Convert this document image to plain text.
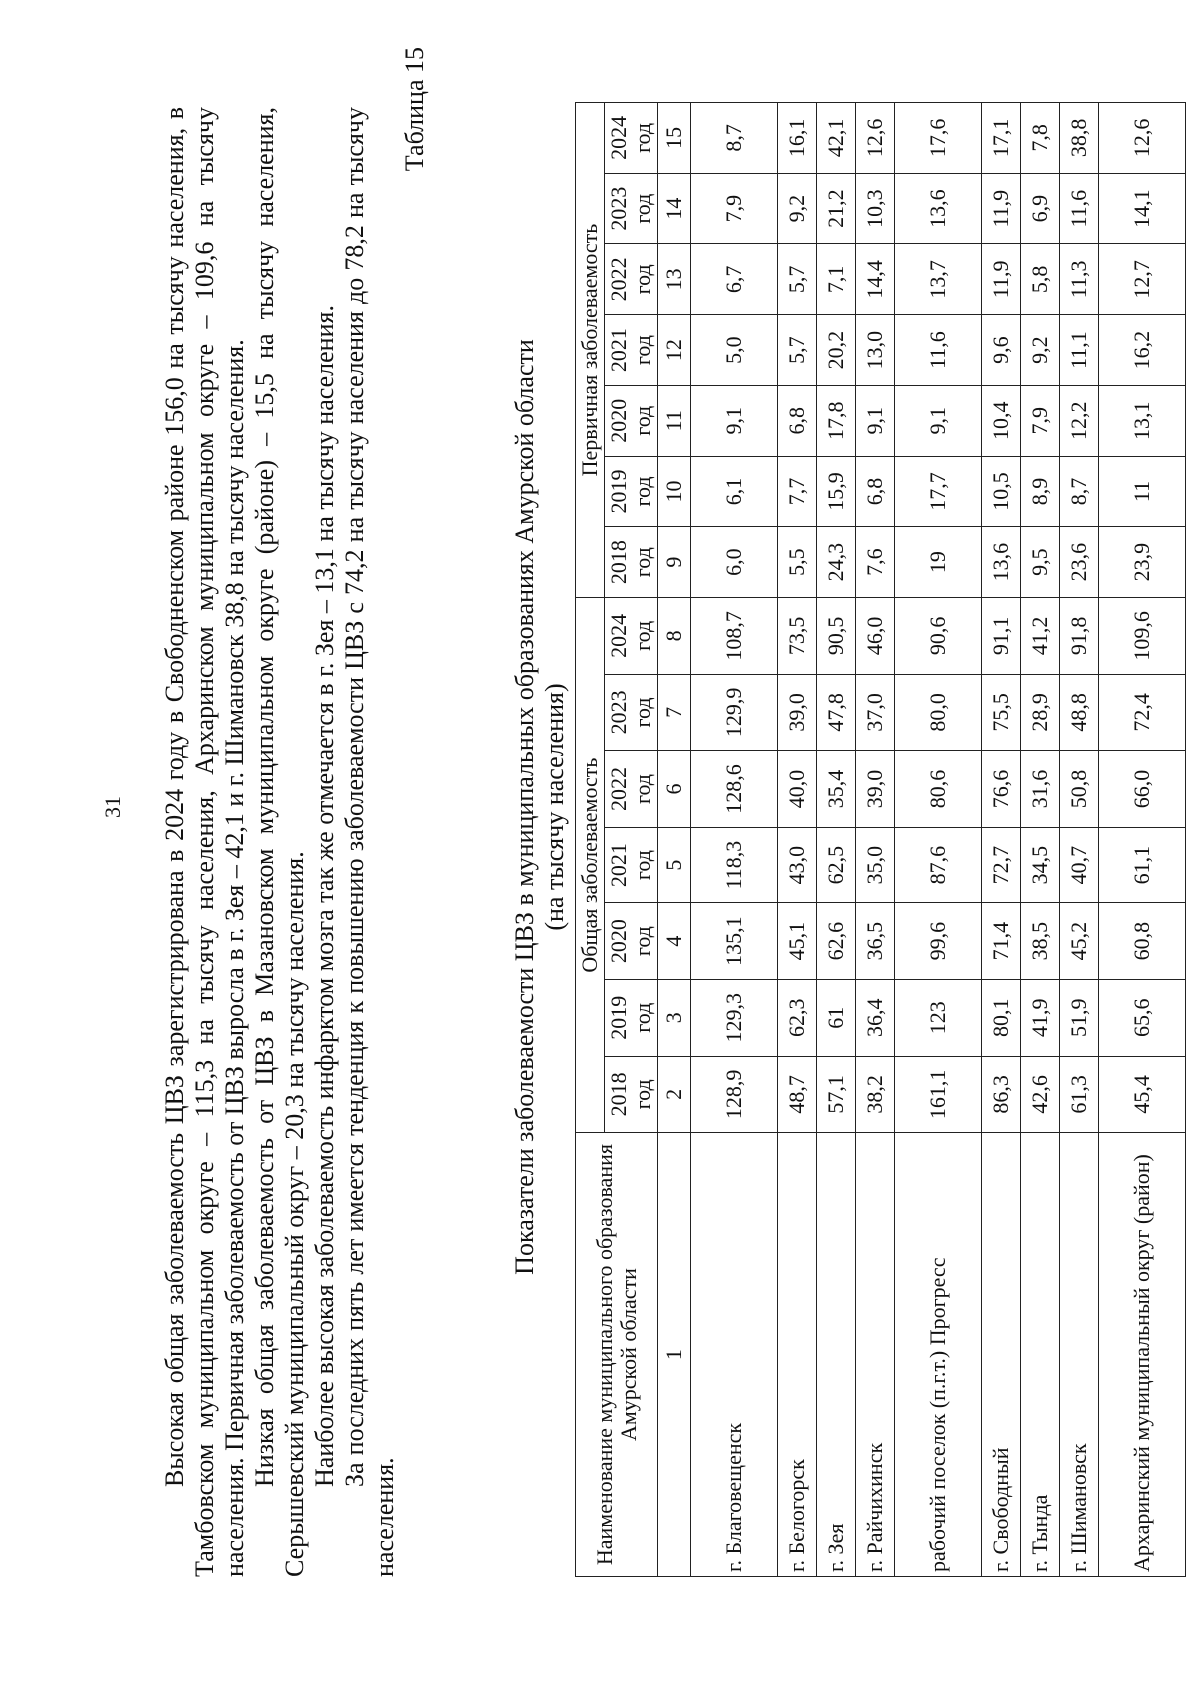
31 Высокая общая заболеваемость ЦВЗ зарегистрирована в 2024 году в Свободненском районе 156,0 на тысячу населения, в Тамбовском муниципальном округе – 115,3 на тысячу населения, Архаринском муниципальном округе – 109,6 на тысячу населения. Первичная заболеваемость от ЦВЗ выросла в г. Зея – 42,1 и г. Шимановск 38,8 на тысячу населения. Низкая общая заболеваемость от ЦВЗ в Мазановском муниципальном округе (районе) – 15,5 на тысячу населения, Серышевский муниципальный округ – 20,3 на тысячу населения. Наиболее высокая заболеваемость инфарктом мозга так же отмечается в г. Зея – 13,1 на тысячу населения. За последних пять лет имеется тенденция к повышению заболеваемости ЦВЗ с 74,2 на тысячу населения до 78,2 на тысячу населения.
Таблица 15
Показатели заболеваемости ЦВЗ в муниципальных образованиях Амурской области (на тысячу населения)
Наименование муниципального образования Амурской области	Общая заболеваемость							Первичная заболеваемость						
	2018 год	2019 год	2020 год	2021 год	2022 год	2023 год	2024 год	2018 год	2019 год	2020 год	2021 год	2022 год	2023 год	2024 год
1	2	3	4	5	6	7	8	9	10	11	12	13	14	15
г. Благовещенск	128,9	129,3	135,1	118,3	128,6	129,9	108,7	6,0	6,1	9,1	5,0	6,7	7,9	8,7
г. Белогорск	48,7	62,3	45,1	43,0	40,0	39,0	73,5	5,5	7,7	6,8	5,7	5,7	9,2	16,1
г. Зея	57,1	61	62,6	62,5	35,4	47,8	90,5	24,3	15,9	17,8	20,2	7,1	21,2	42,1
г. Райчихинск	38,2	36,4	36,5	35,0	39,0	37,0	46,0	7,6	6,8	9,1	13,0	14,4	10,3	12,6
рабочий поселок (п.г.т.) Прогресс	161,1	123	99,6	87,6	80,6	80,0	90,6	19	17,7	9,1	11,6	13,7	13,6	17,6
г. Свободный	86,3	80,1	71,4	72,7	76,6	75,5	91,1	13,6	10,5	10,4	9,6	11,9	11,9	17,1
г. Тында	42,6	41,9	38,5	34,5	31,6	28,9	41,2	9,5	8,9	7,9	9,2	5,8	6,9	7,8
г. Шимановск	61,3	51,9	45,2	40,7	50,8	48,8	91,8	23,6	8,7	12,2	11,1	11,3	11,6	38,8
Архаринский муниципальный округ (район)	45,4	65,6	60,8	61,1	66,0	72,4	109,6	23,9	11	13,1	16,2	12,7	14,1	12,6
